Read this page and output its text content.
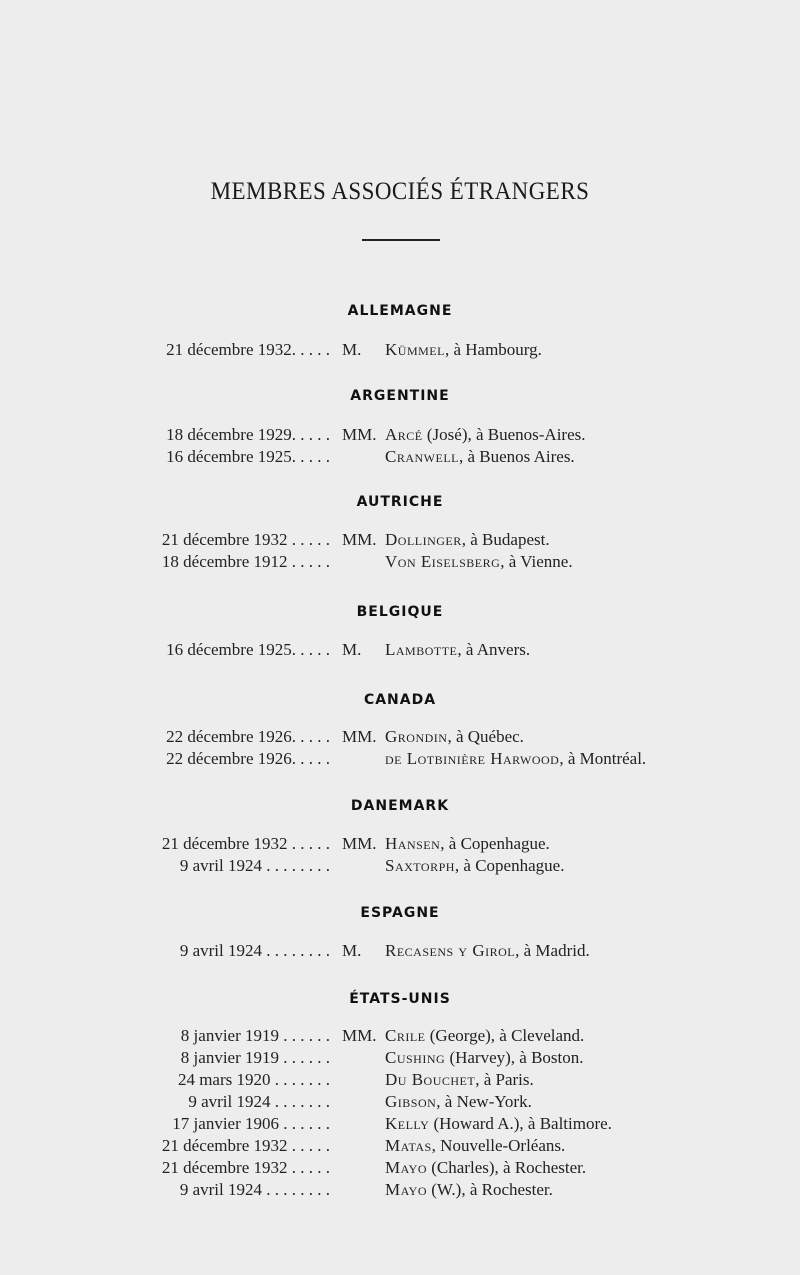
MEMBRES ASSOCIÉS ÉTRANGERS
ALLEMAGNE
21 décembre 1932. . . . . M. Kümmel, à Hambourg.
ARGENTINE
18 décembre 1929. . . . . MM. Arcé (José), à Buenos-Aires.
16 décembre 1925. . . . .	Cranwell, à Buenos Aires.
AUTRICHE
21 décembre 1932 . . . . . MM. Dollinger, à Budapest.
18 décembre 1912 . . . . .	Von Eiselsberg, à Vienne.
BELGIQUE
16 décembre 1925. . . . . M. Lambotte, à Anvers.
CANADA
22 décembre 1926. . . . . MM. Grondin, à Québec.
22 décembre 1926. . . . .	de Lotbinière Harwood, à Montréal.
DANEMARK
21 décembre 1932 . . . . . MM. Hansen, à Copenhague.
9 avril 1924 . . . . . . . .	Saxtorph, à Copenhague.
ESPAGNE
9 avril 1924 . . . . . . . . M. Recasens y Girol, à Madrid.
ÉTATS-UNIS
8 janvier 1919 . . . . . . MM. Crile (George), à Cleveland.
8 janvier 1919 . . . . . .	Cushing (Harvey), à Boston.
24 mars 1920 . . . . . . .	Du Bouchet, à Paris.
9 avril 1924 . . . . . . .	Gibson, à New-York.
17 janvier 1906 . . . . . .	Kelly (Howard A.), à Baltimore.
21 décembre 1932 . . . . .	Matas, Nouvelle-Orléans.
21 décembre 1932 . . . . .	Mayo (Charles), à Rochester.
9 avril 1924 . . . . . . . .	Mayo (W.), à Rochester.
